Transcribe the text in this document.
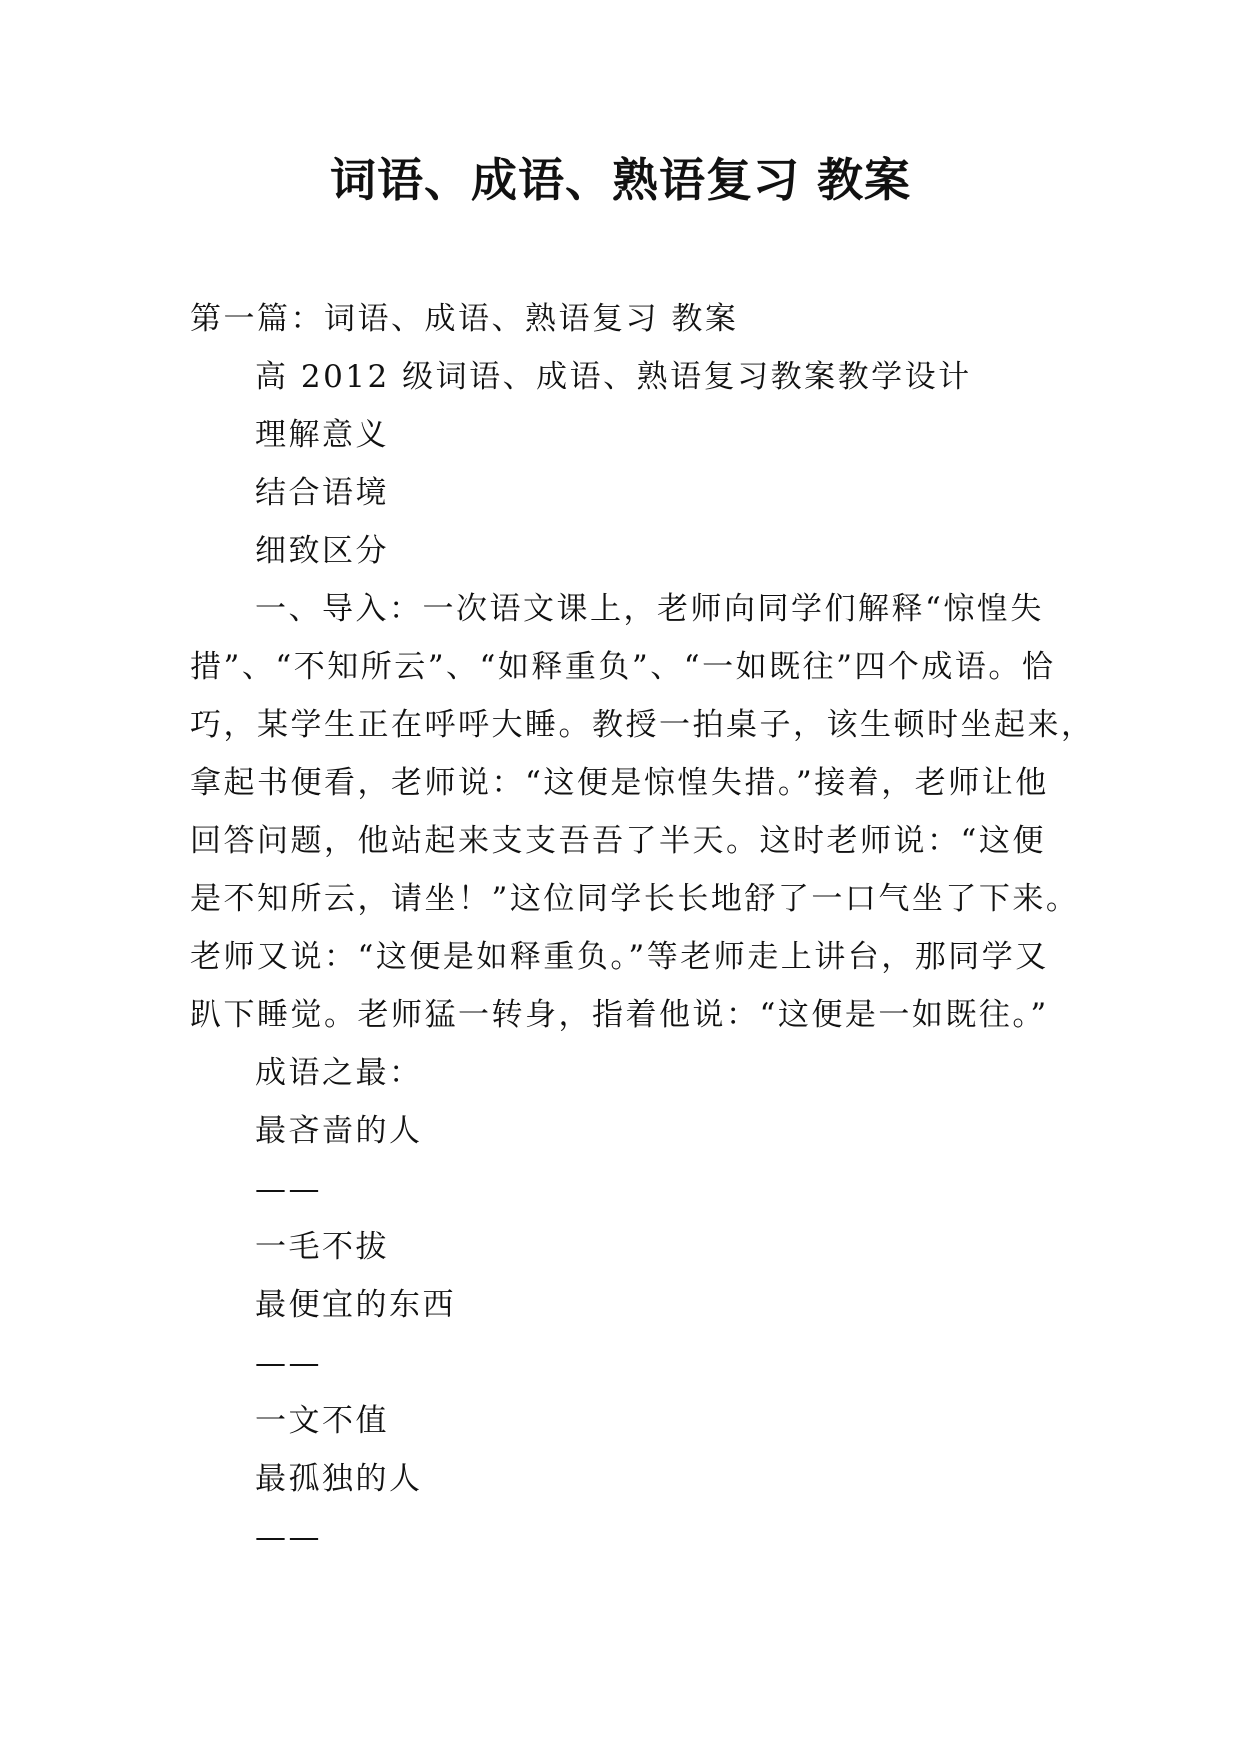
词语、成语、熟语复习 教案
第一篇：词语、成语、熟语复习 教案
高 2012 级词语、成语、熟语复习教案教学设计
理解意义
结合语境
细致区分
一、导入：一次语文课上，老师向同学们解释“惊惶失
措”、“不知所云”、“如释重负”、“一如既往”四个成语。恰
巧，某学生正在呼呼大睡。教授一拍桌子，该生顿时坐起来，
拿起书便看，老师说：“这便是惊惶失措。”接着，老师让他
回答问题，他站起来支支吾吾了半天。这时老师说：“这便
是不知所云，请坐！”这位同学长长地舒了一口气坐了下来。
老师又说：“这便是如释重负。”等老师走上讲台，那同学又
趴下睡觉。老师猛一转身，指着他说：“这便是一如既往。”
成语之最：
最吝啬的人
——
一毛不拔
最便宜的东西
——
一文不值
最孤独的人
——
